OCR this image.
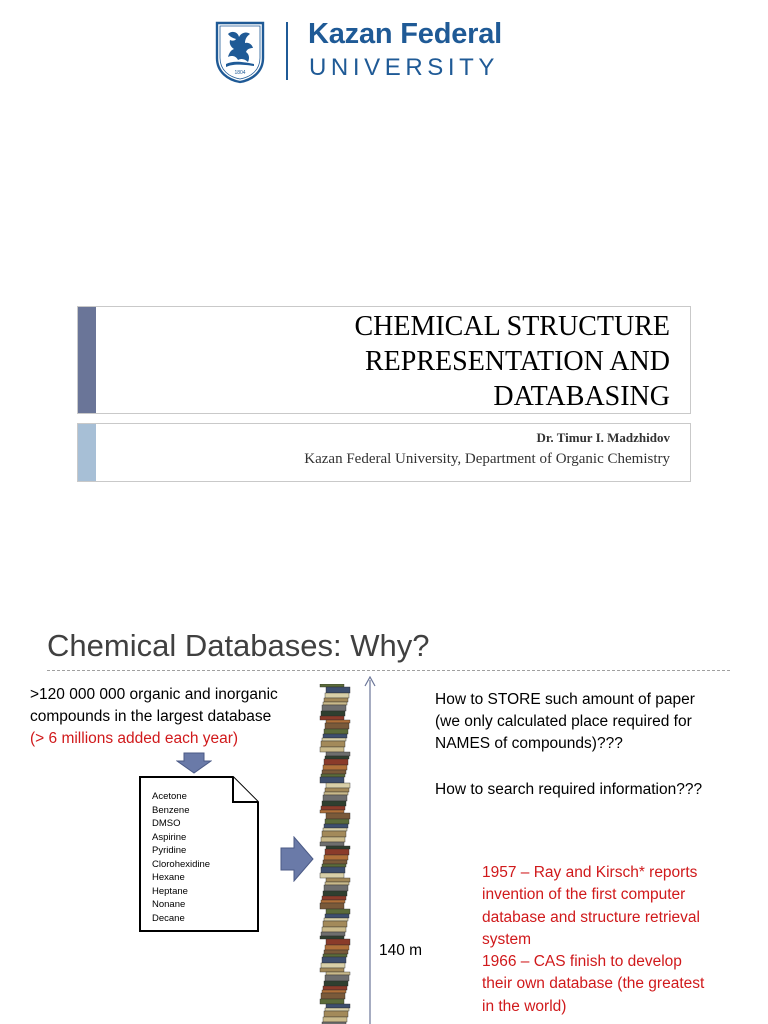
1804
Kazan Federal
UNIVERSITY
CHEMICAL STRUCTURE
REPRESENTATION AND
DATABASING
Dr. Timur I. Madzhidov
Kazan Federal University, Department of Organic Chemistry
Chemical Databases: Why?
>120 000 000 organic and inorganic
compounds in the largest database
(> 6 millions added each year)
Acetone
Benzene
DMSO
Aspirine
Pyridine
Clorohexidine
Hexane
Heptane
Nonane
Decane
140 m
How to STORE such amount of paper
(we only calculated place required for
NAMES of compounds)???
How to search required information???
1957 – Ray and Kirsch* reports
invention of the first computer
database and structure retrieval
system
1966 – CAS finish to develop
their own database (the greatest
in the world)
